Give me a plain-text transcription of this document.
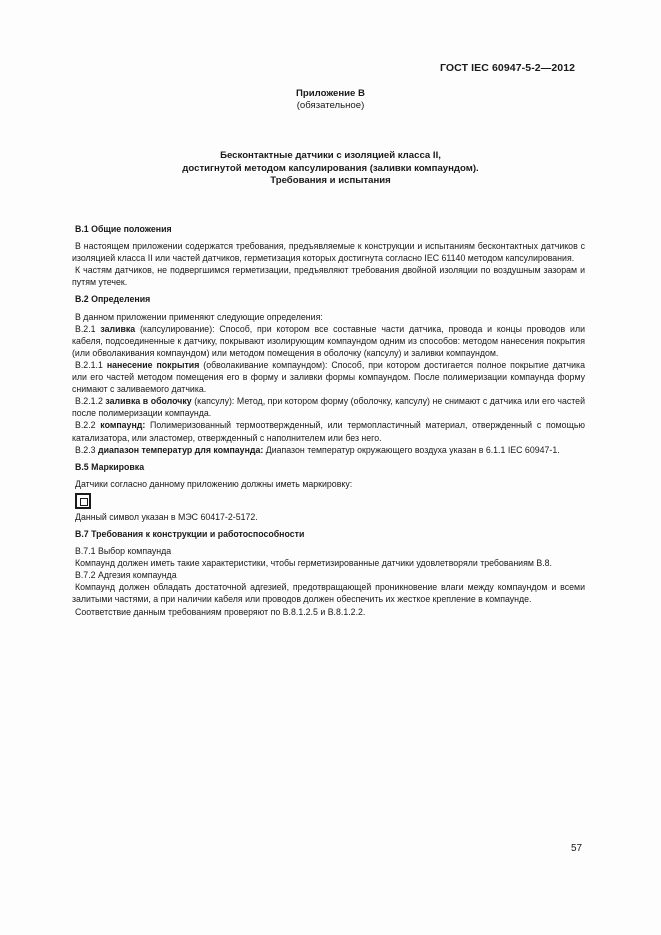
ГОСТ IEC 60947-5-2—2012
Приложение В
(обязательное)
Бесконтактные датчики с изоляцией класса II,
достигнутой методом капсулирования (заливки компаундом).
Требования и испытания

В.1 Общие положения

В настоящем приложении содержатся требования, предъявляемые к конструкции и испытаниям бесконтактных датчиков с изоляцией класса II или частей датчиков, герметизация которых достигнута согласно IEC 61140 методом капсулирования.

К частям датчиков, не подвергшимся герметизации, предъявляют требования двойной изоляции по воздушным зазорам и путям утечек.

В.2 Определения

В данном приложении применяют следующие определения:

В.2.1 заливка (капсулирование): Способ, при котором все составные части датчика, провода и концы проводов или кабеля, подсоединенные к датчику, покрывают изолирующим компаундом одним из способов: методом нанесения покрытия (или обволакивания компаундом) или методом помещения в оболочку (капсулу) и заливки компаундом.

В.2.1.1 нанесение покрытия (обволакивание компаундом): Способ, при котором достигается полное покрытие датчика или его частей методом помещения его в форму и заливки формы компаундом. После полимеризации компаунда форму снимают с заливаемого датчика.

В.2.1.2 заливка в оболочку (капсулу): Метод, при котором форму (оболочку, капсулу) не снимают с датчика или его частей после полимеризации компаунда.

В.2.2 компаунд: Полимеризованный термоотвержденный, или термопластичный материал, отвержденный с помощью катализатора, или эластомер, отвержденный с наполнителем или без него.

В.2.3 диапазон температур для компаунда: Диапазон температур окружающего воздуха указан в 6.1.1 IEC 60947-1.

В.5 Маркировка

Датчики согласно данному приложению должны иметь маркировку:

Данный символ указан в МЭС 60417-2-5172.

В.7 Требования к конструкции и работоспособности

В.7.1 Выбор компаунда

Компаунд должен иметь такие характеристики, чтобы герметизированные датчики удовлетворяли требованиям В.8.

В.7.2 Адгезия компаунда

Компаунд должен обладать достаточной адгезией, предотвращающей проникновение влаги между компаундом и всеми залитыми частями, а при наличии кабеля или проводов должен обеспечить их жесткое крепление в компаунде.

Соответствие данным требованиям проверяют по В.8.1.2.5 и В.8.1.2.2.

57
